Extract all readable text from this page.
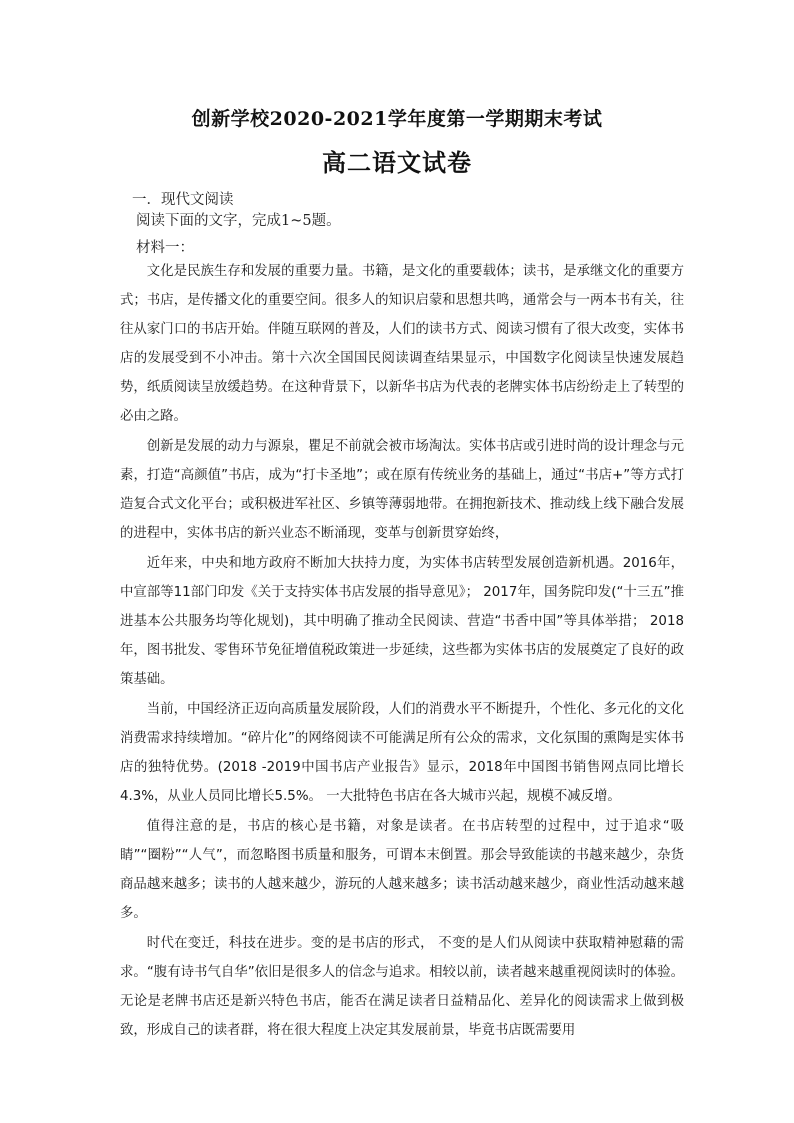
创新学校2020-2021学年度第一学期期末考试
高二语文试卷
一．现代文阅读
阅读下面的文字，完成1~5题。
材料一：

文化是民族生存和发展的重要力量。书籍，是文化的重要载体；读书，是承继文化的重要方式；书店，是传播文化的重要空间。很多人的知识启蒙和思想共鸣，通常会与一两本书有关，往往从家门口的书店开始。伴随互联网的普及，人们的读书方式、阅读习惯有了很大改变，实体书店的发展受到不小冲击。第十六次全国国民阅读调查结果显示，中国数字化阅读呈快速发展趋势，纸质阅读呈放缓趋势。在这种背景下，以新华书店为代表的老牌实体书店纷纷走上了转型的必由之路。

创新是发展的动力与源泉，瞿足不前就会被市场淘汰。实体书店或引进时尚的设计理念与元素，打造“高颜值”书店，成为“打卡圣地”；或在原有传统业务的基础上，通过“书店+”等方式打造复合式文化平台；或积极进军社区、乡镇等薄弱地带。在拥抱新技术、推动线上线下融合发展的进程中，实体书店的新兴业态不断涌现，变革与创新贯穿始终，

近年来，中央和地方政府不断加大扶持力度，为实体书店转型发展创造新机遇。2016年，中宣部等11部门印发《关于支持实体书店发展的指导意见》； 2017年，国务院印发(“十三五”推进基本公共服务均等化规划)，其中明确了推动全民阅读、营造“书香中国”等具体举措； 2018年，图书批发、零售环节免征增值税政策进一步延续，这些都为实体书店的发展奠定了良好的政策基础。

当前，中国经济正迈向高质量发展阶段，人们的消费水平不断提升，个性化、多元化的文化消费需求持续增加。“碎片化”的网络阅读不可能满足所有公众的需求，文化氛围的熏陶是实体书店的独特优势。(2018 -2019中国书店产业报告》显示，2018年中国图书销售网点同比增长4.3%，从业人员同比增长5.5%。 一大批特色书店在各大城市兴起，规模不减反增。

值得注意的是，书店的核心是书籍，对象是读者。在书店转型的过程中，过于追求“吸睛”“圈粉”“人气”，而忽略图书质量和服务，可谓本末倒置。那会导致能读的书越来越少，杂货商品越来越多；读书的人越来越少，游玩的人越来越多；读书活动越来越少，商业性活动越来越多。

时代在变迁，科技在进步。变的是书店的形式， 不变的是人们从阅读中获取精神慰藉的需求。“腹有诗书气自华”依旧是很多人的信念与追求。相较以前，读者越来越重视阅读时的体验。无论是老牌书店还是新兴特色书店，能否在满足读者日益精品化、差异化的阅读需求上做到极致，形成自己的读者群，将在很大程度上决定其发展前景，毕竟书店既需要用
